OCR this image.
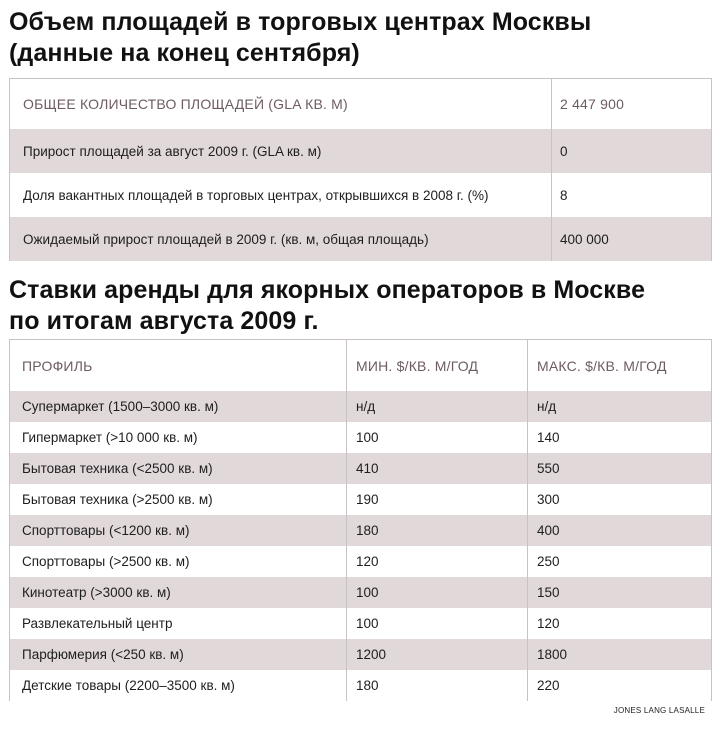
Объем площадей в торговых центрах Москвы
(данные на конец сентября)
ОБЩЕЕ КОЛИЧЕСТВО ПЛОЩАДЕЙ (GLA КВ. М)	2 447 900
Прирост площадей за август 2009 г. (GLA кв. м)	0
Доля вакантных площадей в торговых центрах, открывшихся в 2008 г. (%)	8
Ожидаемый прирост площадей в 2009 г. (кв. м, общая площадь)	400 000
Ставки аренды для якорных операторов в Москве
по итогам августа 2009 г.
ПРОФИЛЬ	МИН. $/КВ. М/ГОД	МАКС. $/КВ. М/ГОД
Супермаркет (1500–3000 кв. м)	н/д	н/д
Гипермаркет (>10 000 кв. м)	100	140
Бытовая техника (<2500 кв. м)	410	550
Бытовая техника (>2500 кв. м)	190	300
Спорттовары (<1200 кв. м)	180	400
Спорттовары (>2500 кв. м)	120	250
Кинотеатр (>3000 кв. м)	100	150
Развлекательный центр	100	120
Парфюмерия (<250 кв. м)	1200	1800
Детские товары (2200–3500 кв. м)	180	220
JONES LANG LASALLE
